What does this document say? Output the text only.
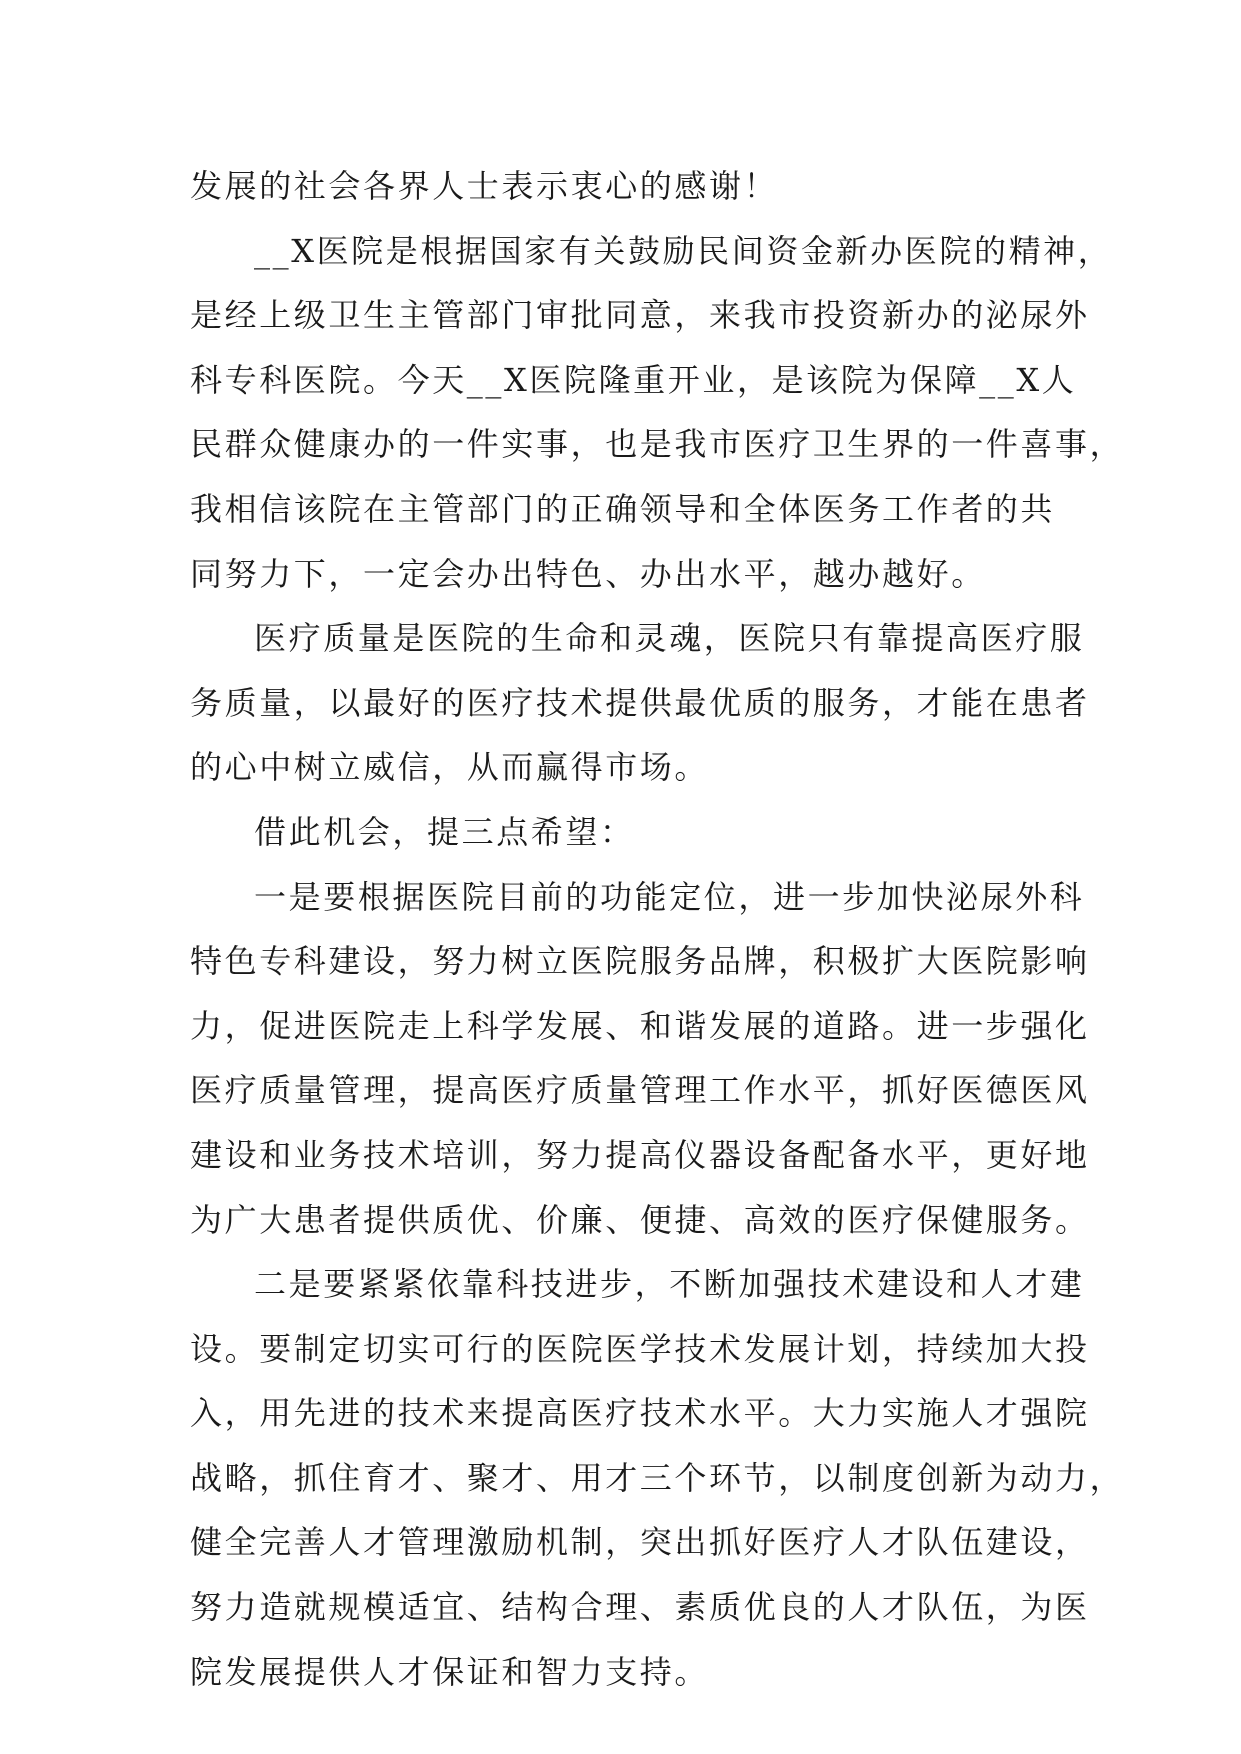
发展的社会各界人士表示衷心的感谢！
__X医院是根据国家有关鼓励民间资金新办医院的精神，
是经上级卫生主管部门审批同意，来我市投资新办的泌尿外
科专科医院。今天__X医院隆重开业，是该院为保障__X人
民群众健康办的一件实事，也是我市医疗卫生界的一件喜事，
我相信该院在主管部门的正确领导和全体医务工作者的共
同努力下，一定会办出特色、办出水平，越办越好。
医疗质量是医院的生命和灵魂，医院只有靠提高医疗服
务质量，以最好的医疗技术提供最优质的服务，才能在患者
的心中树立威信，从而赢得市场。
借此机会，提三点希望：
一是要根据医院目前的功能定位，进一步加快泌尿外科
特色专科建设，努力树立医院服务品牌，积极扩大医院影响
力，促进医院走上科学发展、和谐发展的道路。进一步强化
医疗质量管理，提高医疗质量管理工作水平，抓好医德医风
建设和业务技术培训，努力提高仪器设备配备水平，更好地
为广大患者提供质优、价廉、便捷、高效的医疗保健服务。
二是要紧紧依靠科技进步，不断加强技术建设和人才建
设。要制定切实可行的医院医学技术发展计划，持续加大投
入，用先进的技术来提高医疗技术水平。大力实施人才强院
战略，抓住育才、聚才、用才三个环节，以制度创新为动力，
健全完善人才管理激励机制，突出抓好医疗人才队伍建设，
努力造就规模适宜、结构合理、素质优良的人才队伍，为医
院发展提供人才保证和智力支持。
